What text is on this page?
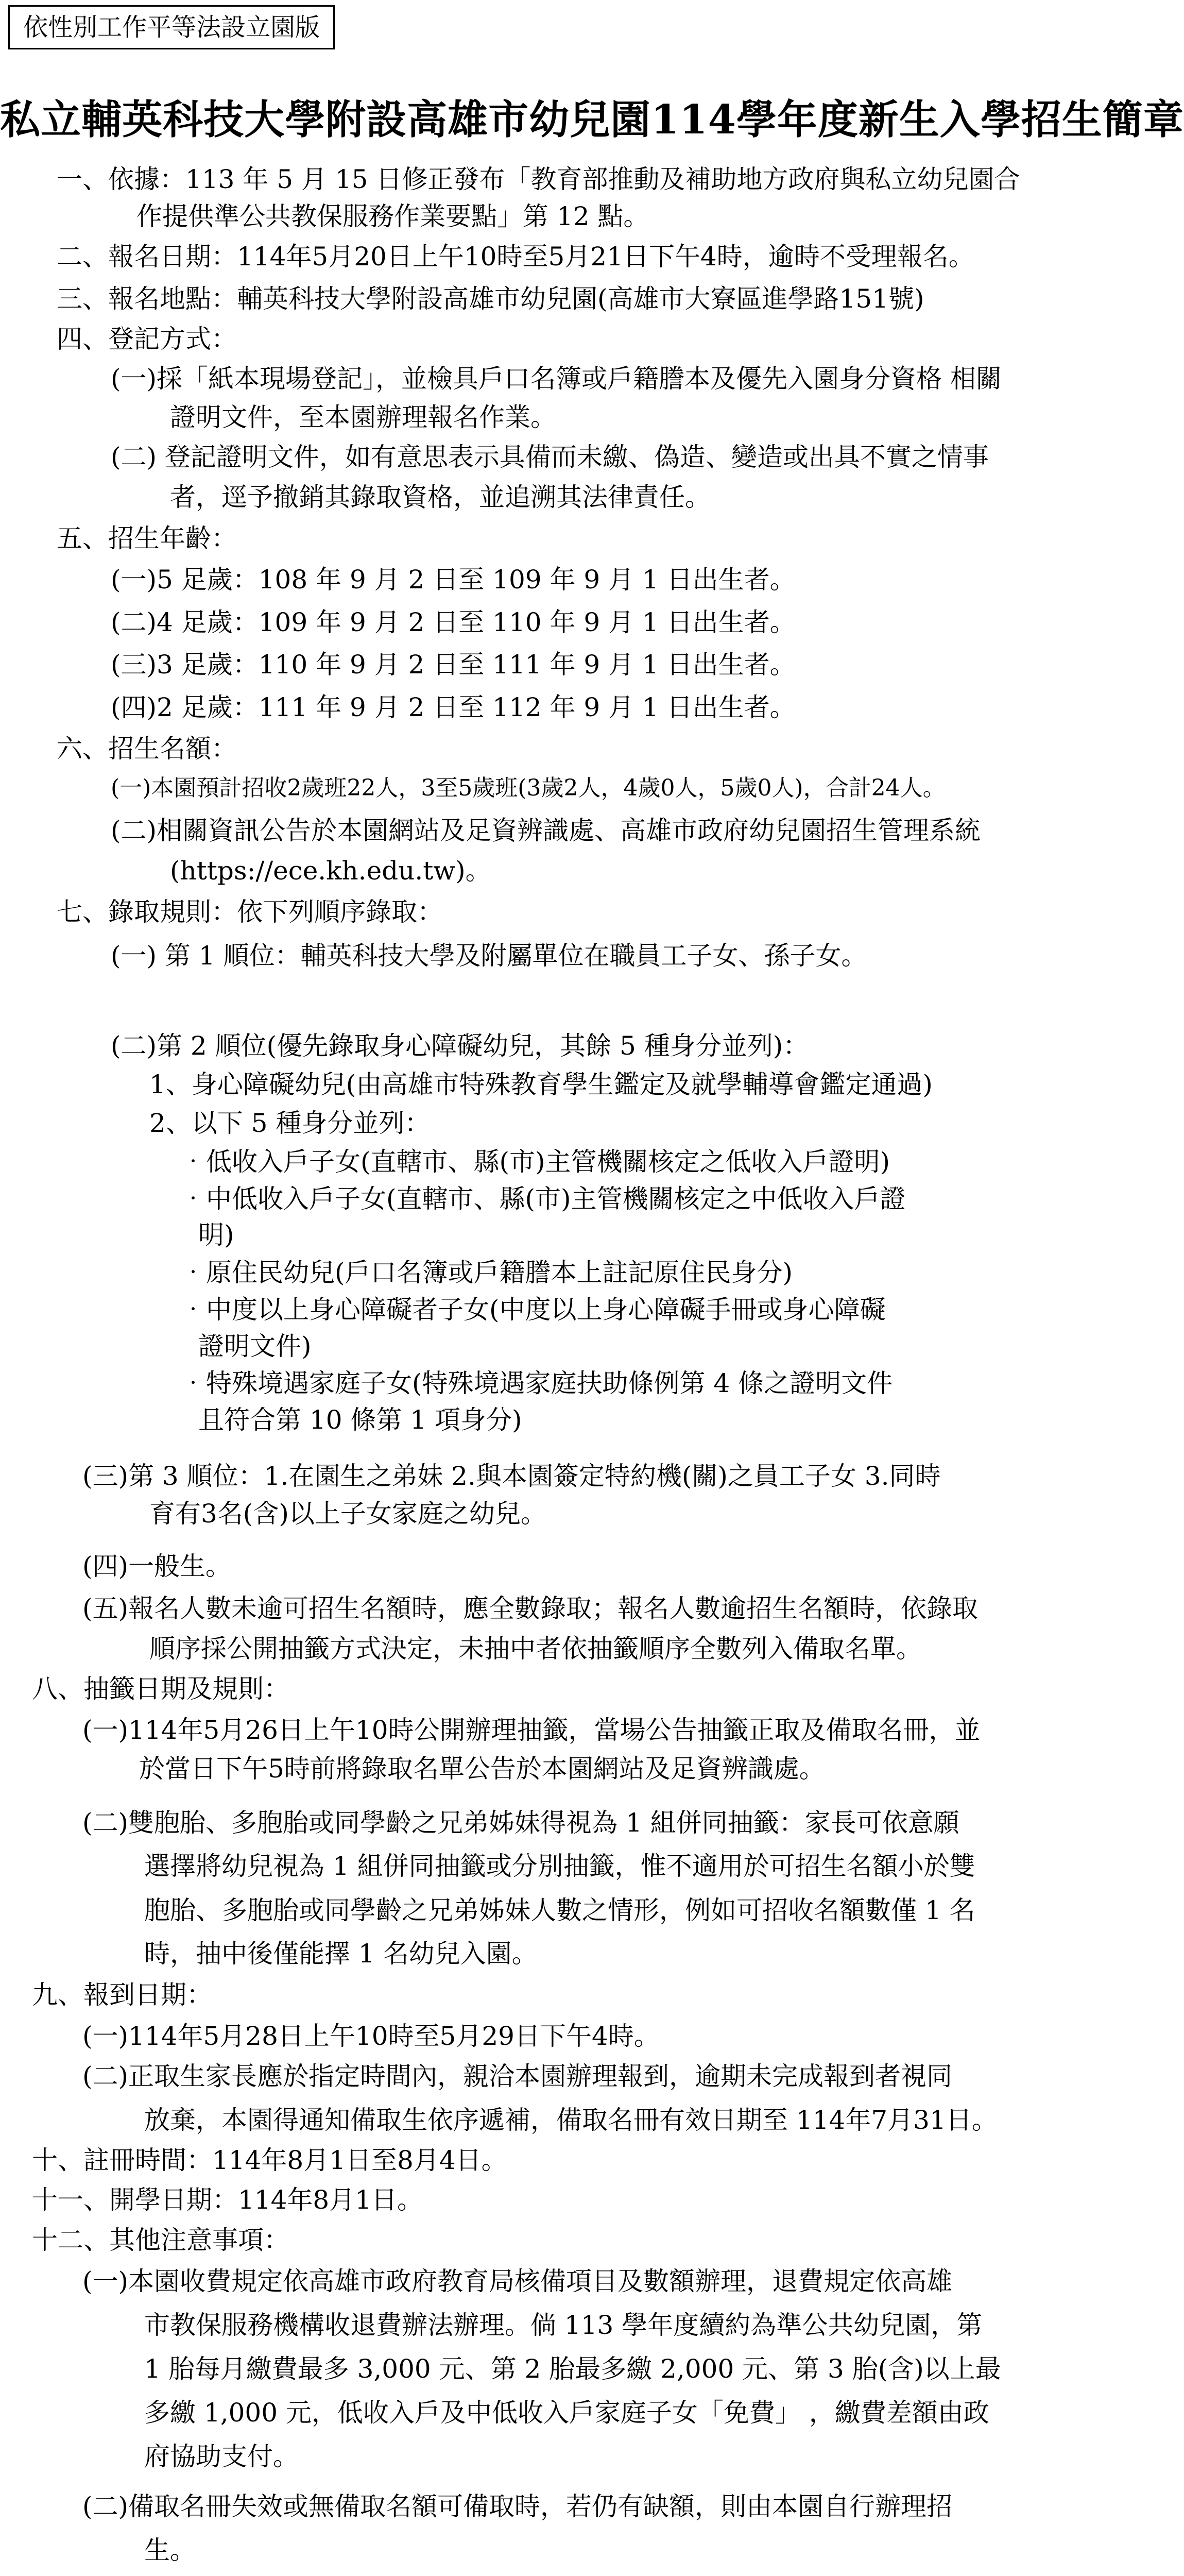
依性別工作平等法設立園版
私立輔英科技大學附設高雄市幼兒園114學年度新生入學招生簡章
一、依據：113 年 5 月 15 日修正發布「教育部推動及補助地方政府與私立幼兒園合
作提供準公共教保服務作業要點」第 12 點。
二、報名日期：114年5月20日上午10時至5月21日下午4時，逾時不受理報名。
三、報名地點：輔英科技大學附設高雄市幼兒園(高雄市大寮區進學路151號)
四、登記方式：
(一)採「紙本現場登記」，並檢具戶口名簿或戶籍謄本及優先入園身分資格 相關
證明文件，至本園辦理報名作業。
(二) 登記證明文件，如有意思表示具備而未繳、偽造、變造或出具不實之情事
者，逕予撤銷其錄取資格，並追溯其法律責任。
五、招生年齡：
(一)5 足歲：108 年 9 月 2 日至 109 年 9 月 1 日出生者。
(二)4 足歲：109 年 9 月 2 日至 110 年 9 月 1 日出生者。
(三)3 足歲：110 年 9 月 2 日至 111 年 9 月 1 日出生者。
(四)2 足歲：111 年 9 月 2 日至 112 年 9 月 1 日出生者。
六、招生名額：
(一)本園預計招收2歲班22人，3至5歲班(3歲2人，4歲0人，5歲0人)，合計24人。
(二)相關資訊公告於本園網站及足資辨識處、高雄市政府幼兒園招生管理系統
(https://ece.kh.edu.tw)。
七、錄取規則：依下列順序錄取：
(一) 第 1 順位：輔英科技大學及附屬單位在職員工子女、孫子女。
(二)第 2 順位(優先錄取身心障礙幼兒，其餘 5 種身分並列)：
1、身心障礙幼兒(由高雄市特殊教育學生鑑定及就學輔導會鑑定通過)
2、以下 5 種身分並列：
‧低收入戶子女(直轄市、縣(市)主管機關核定之低收入戶證明)
‧中低收入戶子女(直轄市、縣(市)主管機關核定之中低收入戶證
明)
‧原住民幼兒(戶口名簿或戶籍謄本上註記原住民身分)
‧中度以上身心障礙者子女(中度以上身心障礙手冊或身心障礙
證明文件)
‧特殊境遇家庭子女(特殊境遇家庭扶助條例第 4 條之證明文件
且符合第 10 條第 1 項身分)
(三)第 3 順位：1.在園生之弟妹 2.與本園簽定特約機(關)之員工子女 3.同時
育有3名(含)以上子女家庭之幼兒。
(四)一般生。
(五)報名人數未逾可招生名額時，應全數錄取；報名人數逾招生名額時，依錄取
順序採公開抽籤方式決定，未抽中者依抽籤順序全數列入備取名單。
八、抽籤日期及規則：
(一)114年5月26日上午10時公開辦理抽籤，當場公告抽籤正取及備取名冊，並
於當日下午5時前將錄取名單公告於本園網站及足資辨識處。
(二)雙胞胎、多胞胎或同學齡之兄弟姊妹得視為 1 組併同抽籤：家長可依意願
選擇將幼兒視為 1 組併同抽籤或分別抽籤，惟不適用於可招生名額小於雙
胞胎、多胞胎或同學齡之兄弟姊妹人數之情形，例如可招收名額數僅 1 名
時，抽中後僅能擇 1 名幼兒入園。
九、報到日期：
(一)114年5月28日上午10時至5月29日下午4時。
(二)正取生家長應於指定時間內，親洽本園辦理報到，逾期未完成報到者視同
放棄，本園得通知備取生依序遞補，備取名冊有效日期至 114年7月31日。
十、註冊時間：114年8月1日至8月4日。
十一、開學日期：114年8月1日。
十二、其他注意事項：
(一)本園收費規定依高雄市政府教育局核備項目及數額辦理，退費規定依高雄
市教保服務機構收退費辦法辦理。倘 113 學年度續約為準公共幼兒園，第
1 胎每月繳費最多 3,000 元、第 2 胎最多繳 2,000 元、第 3 胎(含)以上最
多繳 1,000 元，低收入戶及中低收入戶家庭子女「免費」 ，繳費差額由政
府協助支付。
(二)備取名冊失效或無備取名額可備取時，若仍有缺額，則由本園自行辦理招
生。
